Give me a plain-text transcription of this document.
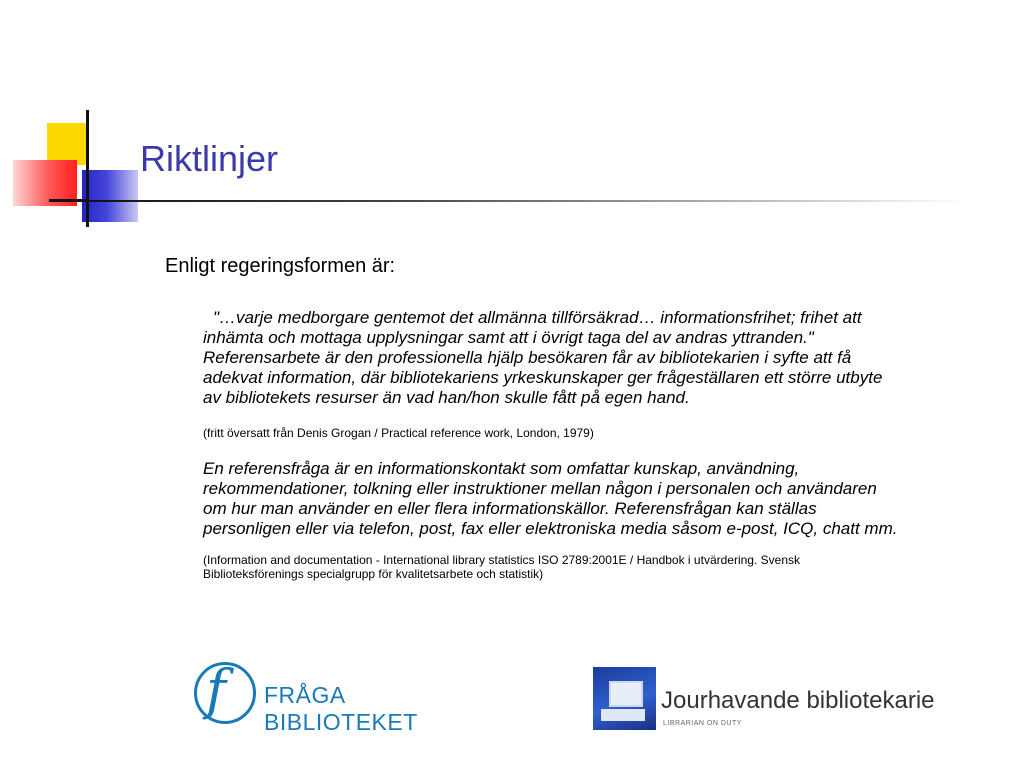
Riktlinjer
Enligt regeringsformen är:

"…varje medborgare gentemot det allmänna tillförsäkrad… informationsfrihet; frihet att

inhämta och mottaga upplysningar samt att i övrigt taga del av andras yttranden."

Referensarbete är den professionella hjälp besökaren får av bibliotekarien i syfte att få

adekvat information, där bibliotekariens yrkeskunskaper ger frågeställaren ett större utbyte

av bibliotekets resurser än vad han/hon skulle fått på egen hand.

(fritt översatt från Denis Grogan / Practical reference work, London, 1979)

En referensfråga är en informationskontakt som omfattar kunskap, användning,

rekommendationer, tolkning eller instruktioner mellan någon i personalen och användaren

om hur man använder en eller flera informationskällor. Referensfrågan kan ställas

personligen eller via telefon, post, fax eller elektroniska media såsom e-post, ICQ, chatt mm.

(Information and documentation - International library statistics ISO 2789:2001E / Handbok i utvärdering. Svensk

Biblioteksförenings specialgrupp för kvalitetsarbete och statistik)

f FRÅGA BIBLIOTEKET
Jourhavande bibliotekarie
LIBRARIAN ON DUTY
